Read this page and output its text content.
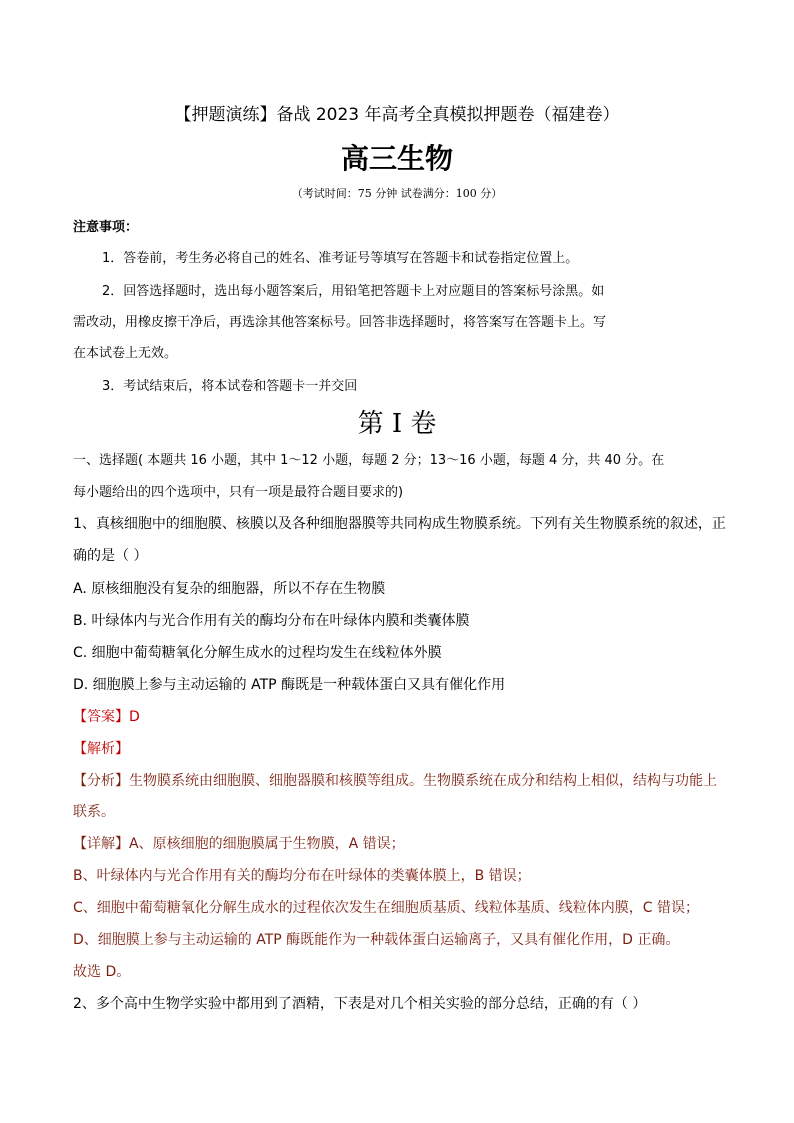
【押题演练】备战 2023 年高考全真模拟押题卷（福建卷）
高三生物
（考试时间：75 分钟 试卷满分：100 分）
注意事项：
1．答卷前，考生务必将自己的姓名、准考证号等填写在答题卡和试卷指定位置上。
2．回答选择题时，选出每小题答案后，用铅笔把答题卡上对应题目的答案标号涂黑。如
需改动，用橡皮擦干净后，再选涂其他答案标号。回答非选择题时，将答案写在答题卡上。写
在本试卷上无效。
3．考试结束后，将本试卷和答题卡一并交回
第 I 卷
一、选择题( 本题共 16 小题，其中 1～12 小题，每题 2 分；13～16 小题，每题 4 分，共 40 分。在
每小题给出的四个选项中，只有一项是最符合题目要求的)
1、真核细胞中的细胞膜、核膜以及各种细胞器膜等共同构成生物膜系统。下列有关生物膜系统的叙述，正
确的是（ ）
A. 原核细胞没有复杂的细胞器，所以不存在生物膜
B. 叶绿体内与光合作用有关的酶均分布在叶绿体内膜和类囊体膜
C. 细胞中葡萄糖氧化分解生成水的过程均发生在线粒体外膜
D. 细胞膜上参与主动运输的 ATP 酶既是一种载体蛋白又具有催化作用
【答案】D
【解析】
【分析】生物膜系统由细胞膜、细胞器膜和核膜等组成。生物膜系统在成分和结构上相似，结构与功能上
联系。
【详解】A、原核细胞的细胞膜属于生物膜，A 错误；
B、叶绿体内与光合作用有关的酶均分布在叶绿体的类囊体膜上，B 错误；
C、细胞中葡萄糖氧化分解生成水的过程依次发生在细胞质基质、线粒体基质、线粒体内膜，C 错误；
D、细胞膜上参与主动运输的 ATP 酶既能作为一种载体蛋白运输离子，又具有催化作用，D 正确。
故选 D。
2、多个高中生物学实验中都用到了酒精，下表是对几个相关实验的部分总结，正确的有（ ）
